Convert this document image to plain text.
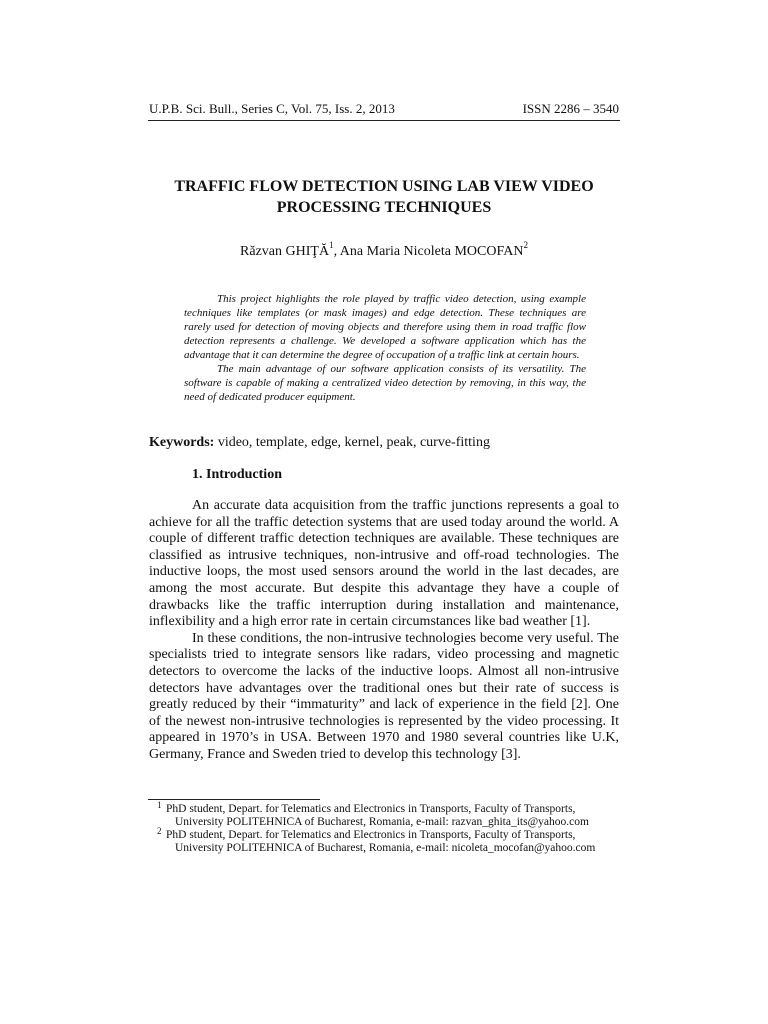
U.P.B. Sci. Bull., Series C, Vol. 75, Iss. 2, 2013	ISSN 2286 – 3540
TRAFFIC FLOW DETECTION USING LAB VIEW VIDEO
PROCESSING TECHNIQUES
Răzvan GHIŢĂ$^1$, Ana Maria Nicoleta MOCOFAN$^2$

This project highlights the role played by traffic video detection, using example techniques like templates (or mask images) and edge detection. These techniques are rarely used for detection of moving objects and therefore using them in road traffic flow detection represents a challenge. We developed a software application which has the advantage that it can determine the degree of occupation of a traffic link at certain hours.

The main advantage of our software application consists of its versatility. The software is capable of making a centralized video detection by removing, in this way, the need of dedicated producer equipment.

Keywords: video, template, edge, kernel, peak, curve-fitting
1. Introduction

An accurate data acquisition from the traffic junctions represents a goal to achieve for all the traffic detection systems that are used today around the world. A couple of different traffic detection techniques are available. These techniques are classified as intrusive techniques, non-intrusive and off-road technologies. The inductive loops, the most used sensors around the world in the last decades, are among the most accurate. But despite this advantage they have a couple of drawbacks like the traffic interruption during installation and maintenance, inflexibility and a high error rate in certain circumstances like bad weather [1].

In these conditions, the non-intrusive technologies become very useful. The specialists tried to integrate sensors like radars, video processing and magnetic detectors to overcome the lacks of the inductive loops. Almost all non-intrusive detectors have advantages over the traditional ones but their rate of success is greatly reduced by their “immaturity” and lack of experience in the field [2]. One of the newest non-intrusive technologies is represented by the video processing. It appeared in 1970’s in USA. Between 1970 and 1980 several countries like U.K, Germany, France and Sweden tried to develop this technology [3].

1 PhD student, Depart. for Telematics and Electronics in Transports, Faculty of Transports,
University POLITEHNICA of Bucharest, Romania, e-mail: razvan_ghita_its@yahoo.com
2 PhD student, Depart. for Telematics and Electronics in Transports, Faculty of Transports,
University POLITEHNICA of Bucharest, Romania, e-mail: nicoleta_mocofan@yahoo.com
